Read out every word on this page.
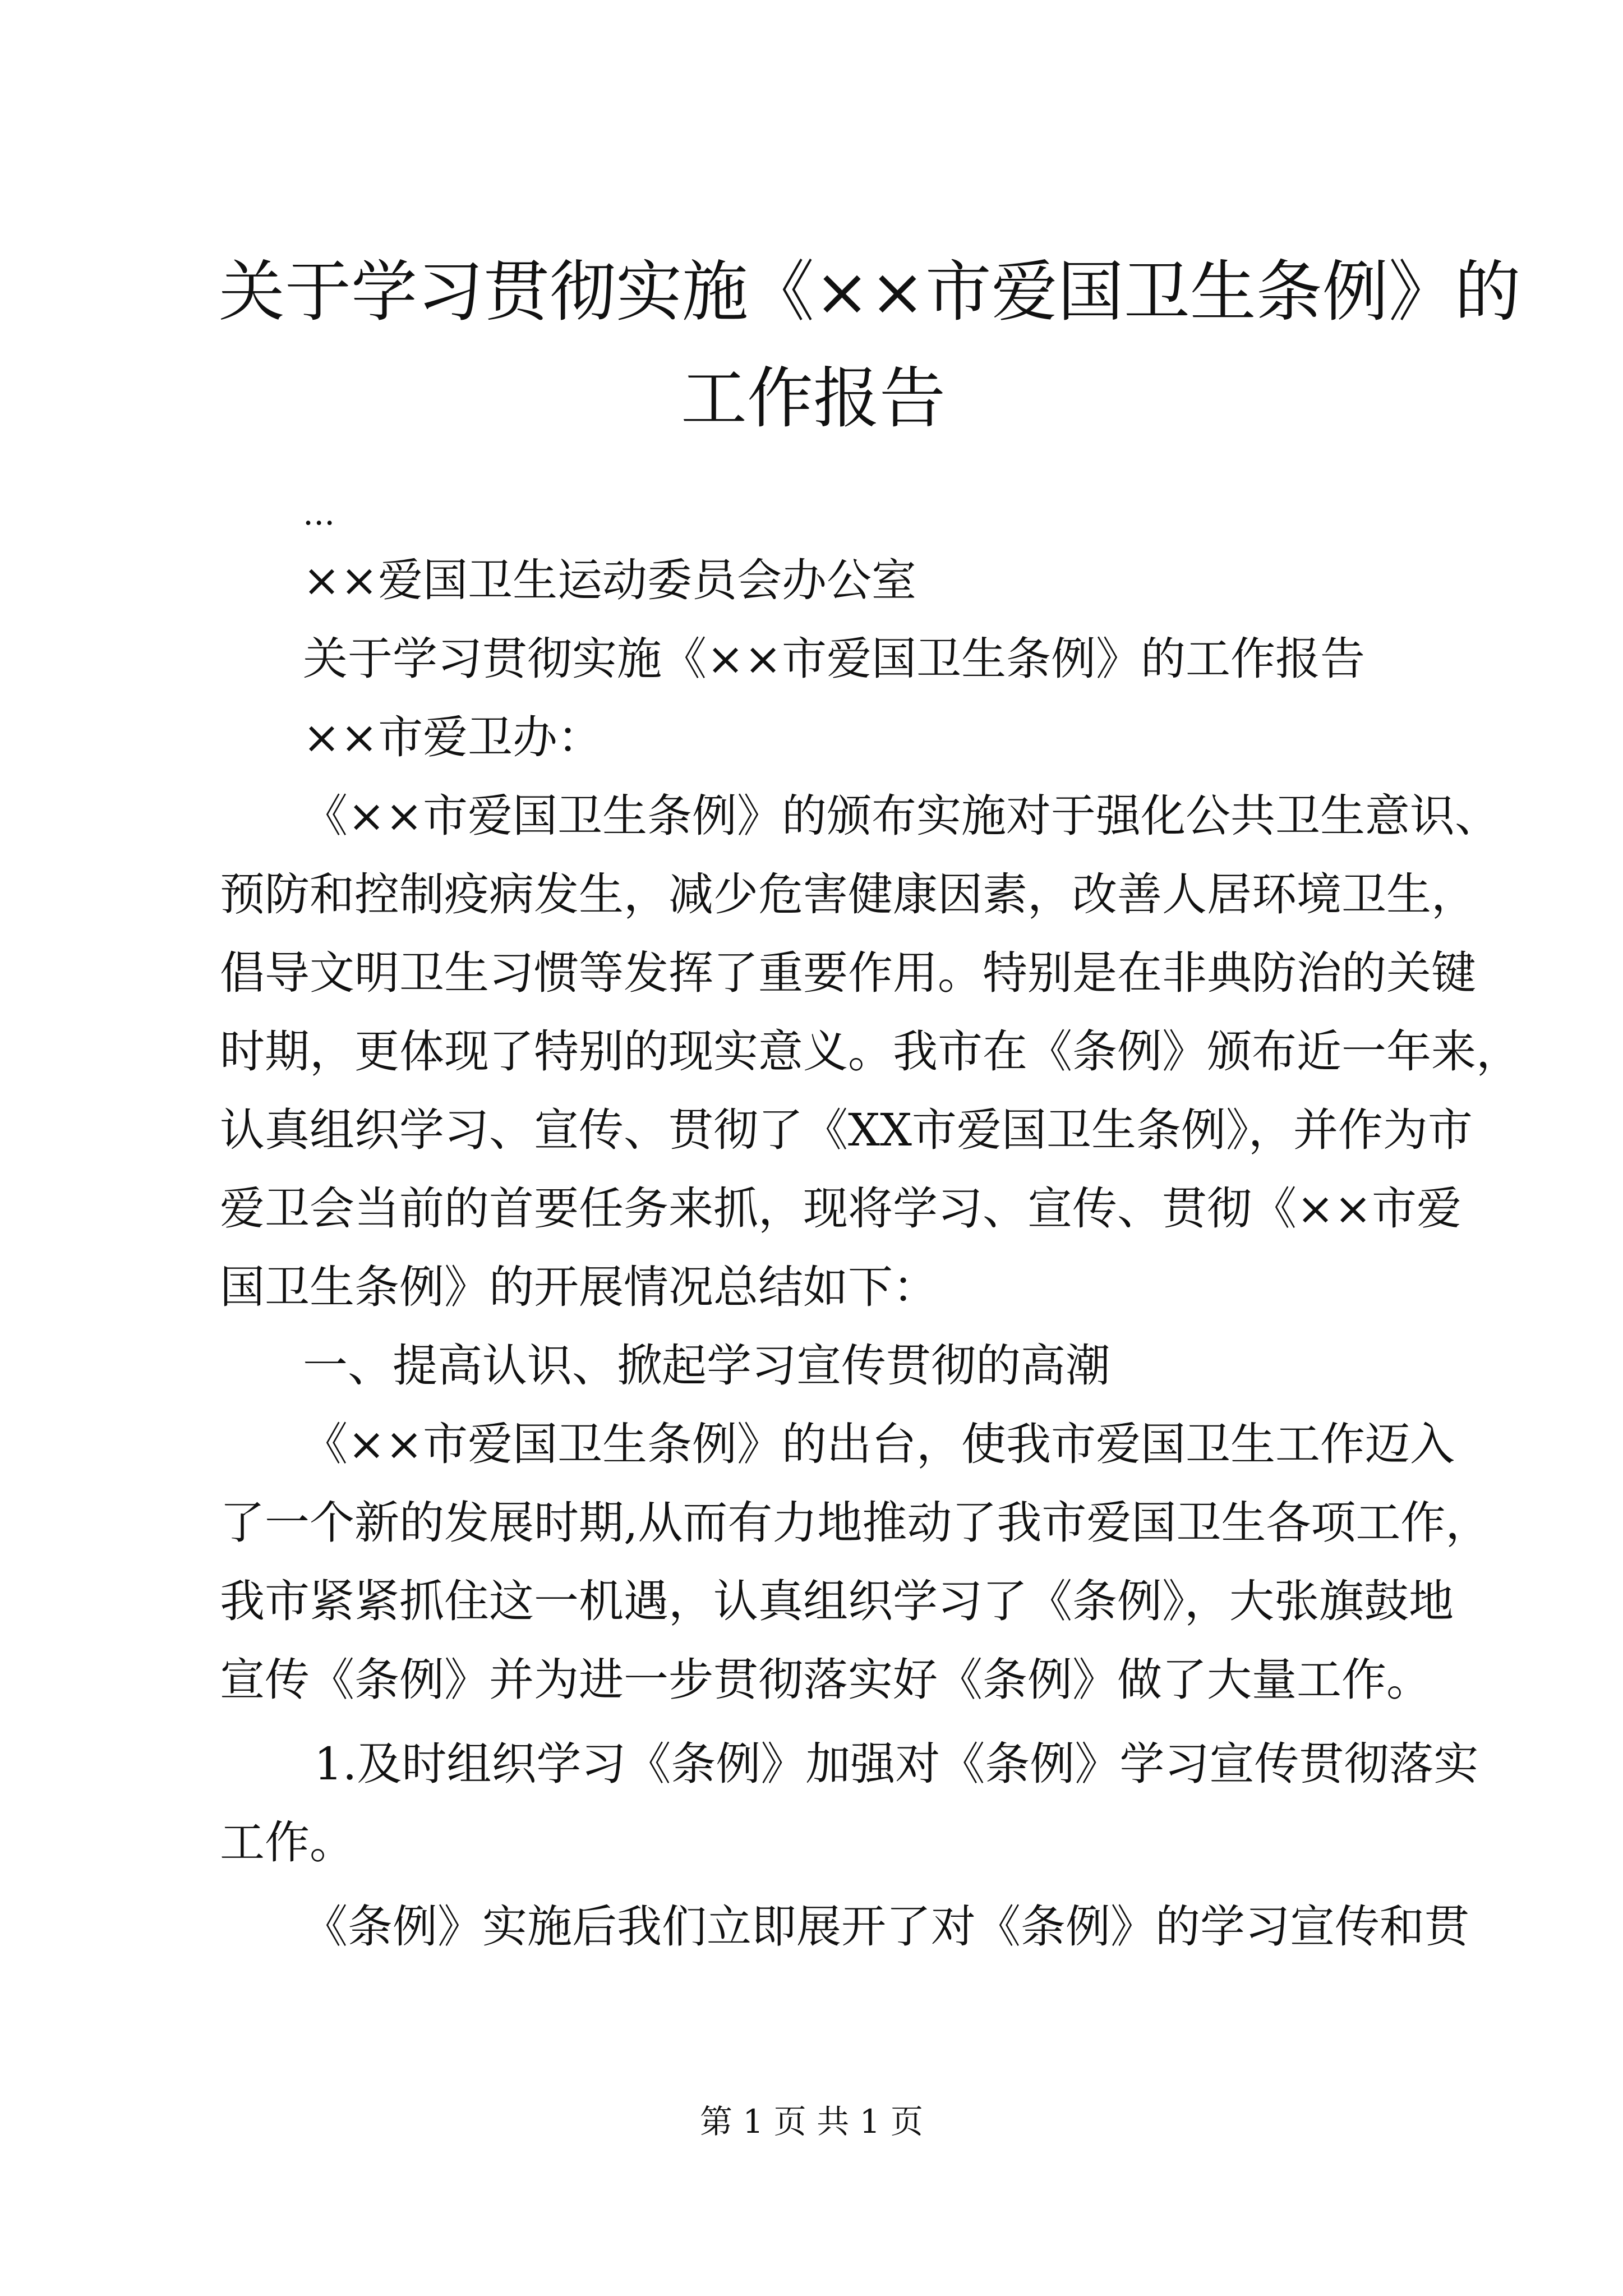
关于学习贯彻实施《××市爱国卫生条例》的
工作报告

...

××爱国卫生运动委员会办公室

关于学习贯彻实施《××市爱国卫生条例》的工作报告

××市爱卫办：

《××市爱国卫生条例》的颁布实施对于强化公共卫生意识、

预防和控制疫病发生，减少危害健康因素，改善人居环境卫生，

倡导文明卫生习惯等发挥了重要作用。特别是在非典防治的关键

时期，更体现了特别的现实意义。我市在《条例》颁布近一年来，

认真组织学习、宣传、贯彻了《XX市爱国卫生条例》，并作为市

爱卫会当前的首要任务来抓，现将学习、宣传、贯彻《××市爱

国卫生条例》的开展情况总结如下：

一、提高认识、掀起学习宣传贯彻的高潮

《××市爱国卫生条例》的出台，使我市爱国卫生工作迈入

了一个新的发展时期,从而有力地推动了我市爱国卫生各项工作，

我市紧紧抓住这一机遇，认真组织学习了《条例》，大张旗鼓地

宣传《条例》并为进一步贯彻落实好《条例》做了大量工作。

1.及时组织学习《条例》加强对《条例》学习宣传贯彻落实

工作。

《条例》实施后我们立即展开了对《条例》的学习宣传和贯

第 1 页 共 1 页
